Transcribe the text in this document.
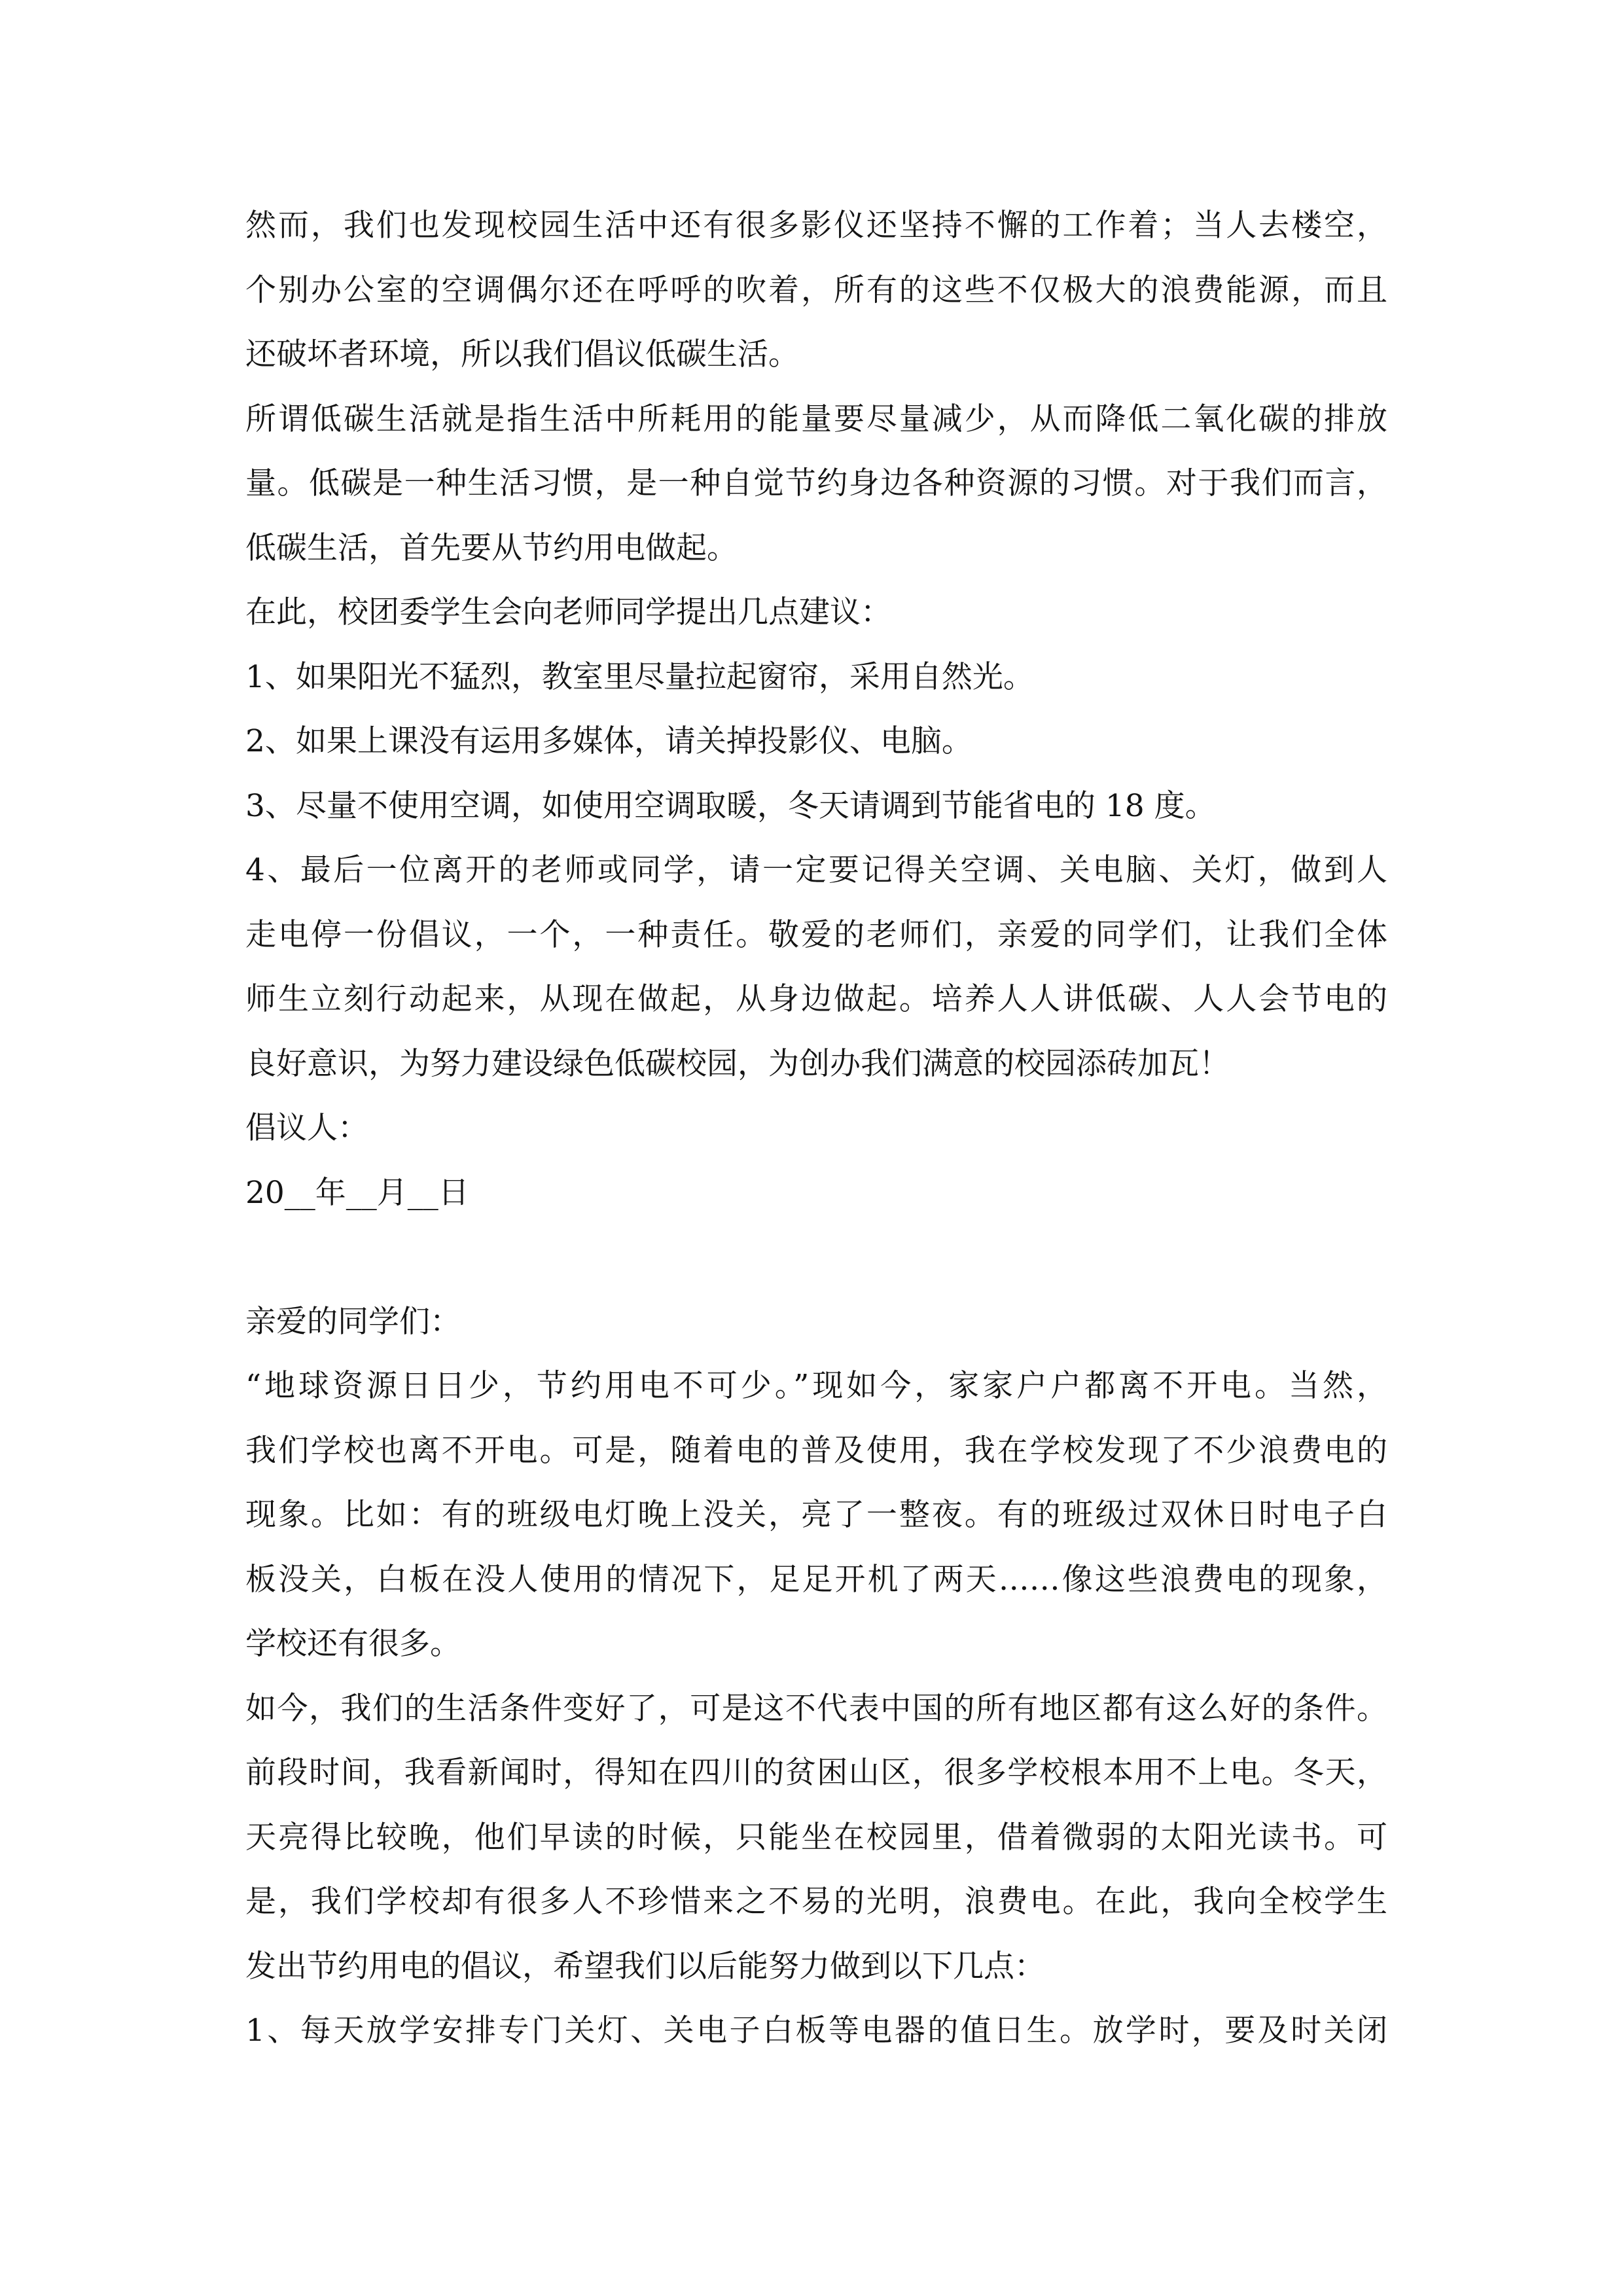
然而，我们也发现校园生活中还有很多影仪还坚持不懈的工作着；当人去楼空，
个别办公室的空调偶尔还在呼呼的吹着，所有的这些不仅极大的浪费能源，而且
还破坏者环境，所以我们倡议低碳生活。
所谓低碳生活就是指生活中所耗用的能量要尽量减少，从而降低二氧化碳的排放
量。低碳是一种生活习惯，是一种自觉节约身边各种资源的习惯。对于我们而言，
低碳生活，首先要从节约用电做起。
在此，校团委学生会向老师同学提出几点建议：
1、如果阳光不猛烈，教室里尽量拉起窗帘，采用自然光。
2、如果上课没有运用多媒体，请关掉投影仪、电脑。
3、尽量不使用空调，如使用空调取暖，冬天请调到节能省电的 18 度。
4、最后一位离开的老师或同学，请一定要记得关空调、关电脑、关灯，做到人
走电停一份倡议，一个，一种责任。敬爱的老师们，亲爱的同学们，让我们全体
师生立刻行动起来，从现在做起，从身边做起。培养人人讲低碳、人人会节电的
良好意识，为努力建设绿色低碳校园，为创办我们满意的校园添砖加瓦！
倡议人：
20__年__月__日
亲爱的同学们：
“地球资源日日少，节约用电不可少。”现如今，家家户户都离不开电。当然，
我们学校也离不开电。可是，随着电的普及使用，我在学校发现了不少浪费电的
现象。比如：有的班级电灯晚上没关，亮了一整夜。有的班级过双休日时电子白
板没关，白板在没人使用的情况下，足足开机了两天……像这些浪费电的现象，
学校还有很多。
如今，我们的生活条件变好了，可是这不代表中国的所有地区都有这么好的条件。
前段时间，我看新闻时，得知在四川的贫困山区，很多学校根本用不上电。冬天，
天亮得比较晚，他们早读的时候，只能坐在校园里，借着微弱的太阳光读书。可
是，我们学校却有很多人不珍惜来之不易的光明，浪费电。在此，我向全校学生
发出节约用电的倡议，希望我们以后能努力做到以下几点：
1、每天放学安排专门关灯、关电子白板等电器的值日生。放学时，要及时关闭
